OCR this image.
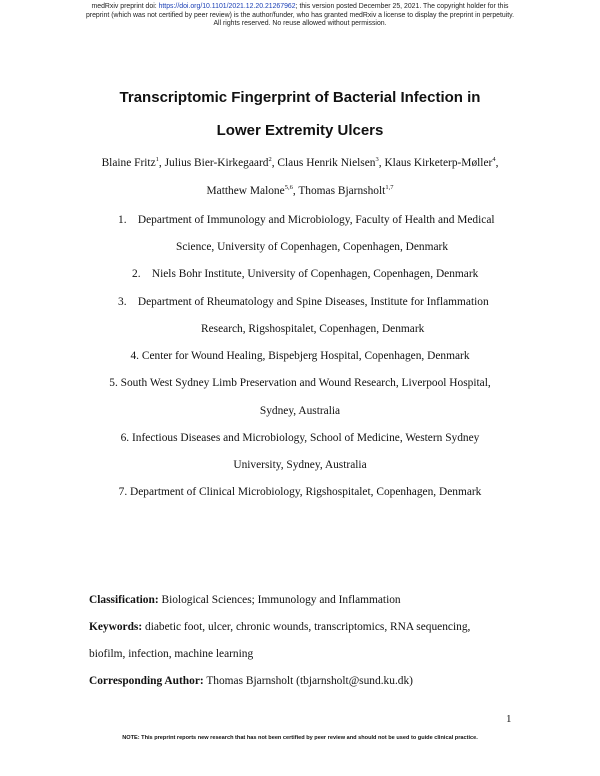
medRxiv preprint doi: https://doi.org/10.1101/2021.12.20.21267962; this version posted December 25, 2021. The copyright holder for this
preprint (which was not certified by peer review) is the author/funder, who has granted medRxiv a license to display the preprint in perpetuity.
All rights reserved. No reuse allowed without permission.
Transcriptomic Fingerprint of Bacterial Infection in
Lower Extremity Ulcers
Blaine Fritz$^1$, Julius Bier-Kirkegaard$^2$, Claus Henrik Nielsen$^3$, Klaus Kirketerp-Møller$^4$,
Matthew Malone$^{5,6}$, Thomas Bjarnsholt$^{1,7}$
1. Department of Immunology and Microbiology, Faculty of Health and Medical
Science, University of Copenhagen, Copenhagen, Denmark
2. Niels Bohr Institute, University of Copenhagen, Copenhagen, Denmark
3. Department of Rheumatology and Spine Diseases, Institute for Inflammation
Research, Rigshospitalet, Copenhagen, Denmark
4. Center for Wound Healing, Bispebjerg Hospital, Copenhagen, Denmark
5. South West Sydney Limb Preservation and Wound Research, Liverpool Hospital,
Sydney, Australia
6. Infectious Diseases and Microbiology, School of Medicine, Western Sydney
University, Sydney, Australia
7. Department of Clinical Microbiology, Rigshospitalet, Copenhagen, Denmark
Classification: Biological Sciences; Immunology and Inflammation
Keywords: diabetic foot, ulcer, chronic wounds, transcriptomics, RNA sequencing,
biofilm, infection, machine learning
Corresponding Author: Thomas Bjarnsholt (tbjarnsholt@sund.ku.dk)
1
NOTE: This preprint reports new research that has not been certified by peer review and should not be used to guide clinical practice.
